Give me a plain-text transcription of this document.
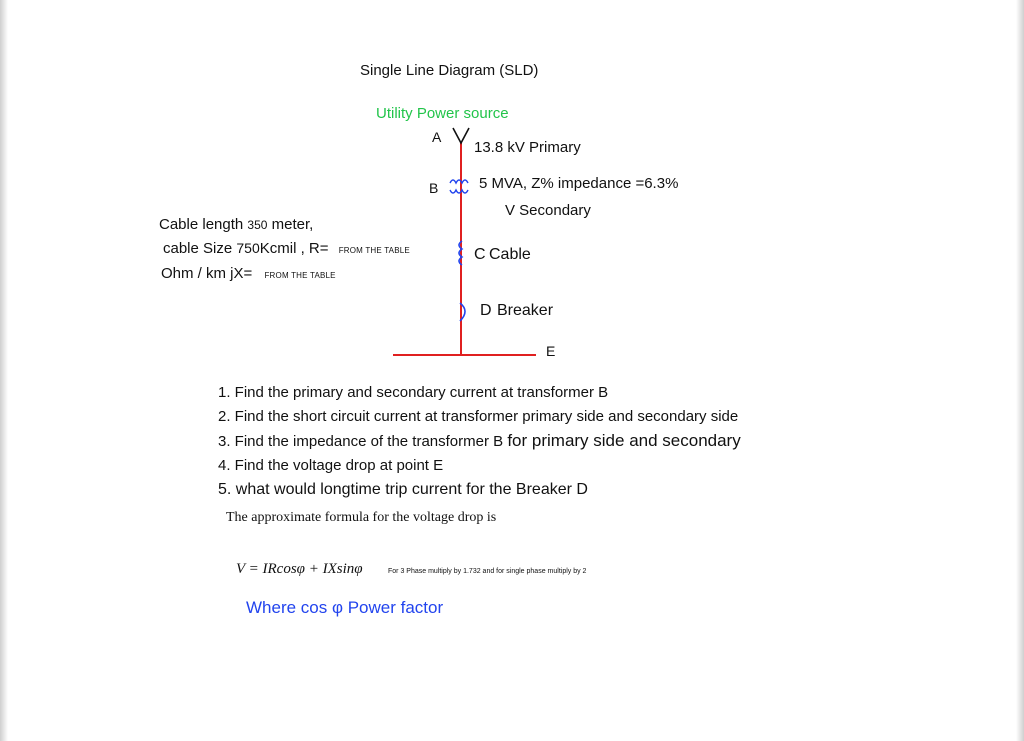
Single Line Diagram (SLD)
Utility Power source
A
13.8 kV Primary
B	5 MVA, Z% impedance =6.3%
V Secondary
C Cable
D Breaker
E
Cable length 350 meter,
cable Size 750Kcmil , R= FROM THE TABLE
Ohm / km jX= FROM THE TABLE
1. Find the primary and secondary current at transformer B
2. Find the short circuit current at transformer primary side and secondary side
3. Find the impedance of the transformer B for primary side and secondary
4. Find the voltage drop at point E
5. what would longtime trip current for the Breaker D
The approximate formula for the voltage drop is
V = IRcosφ + IXsinφ	For 3 Phase multiply by 1.732 and for single phase multiply by 2
Where cos φ Power factor
